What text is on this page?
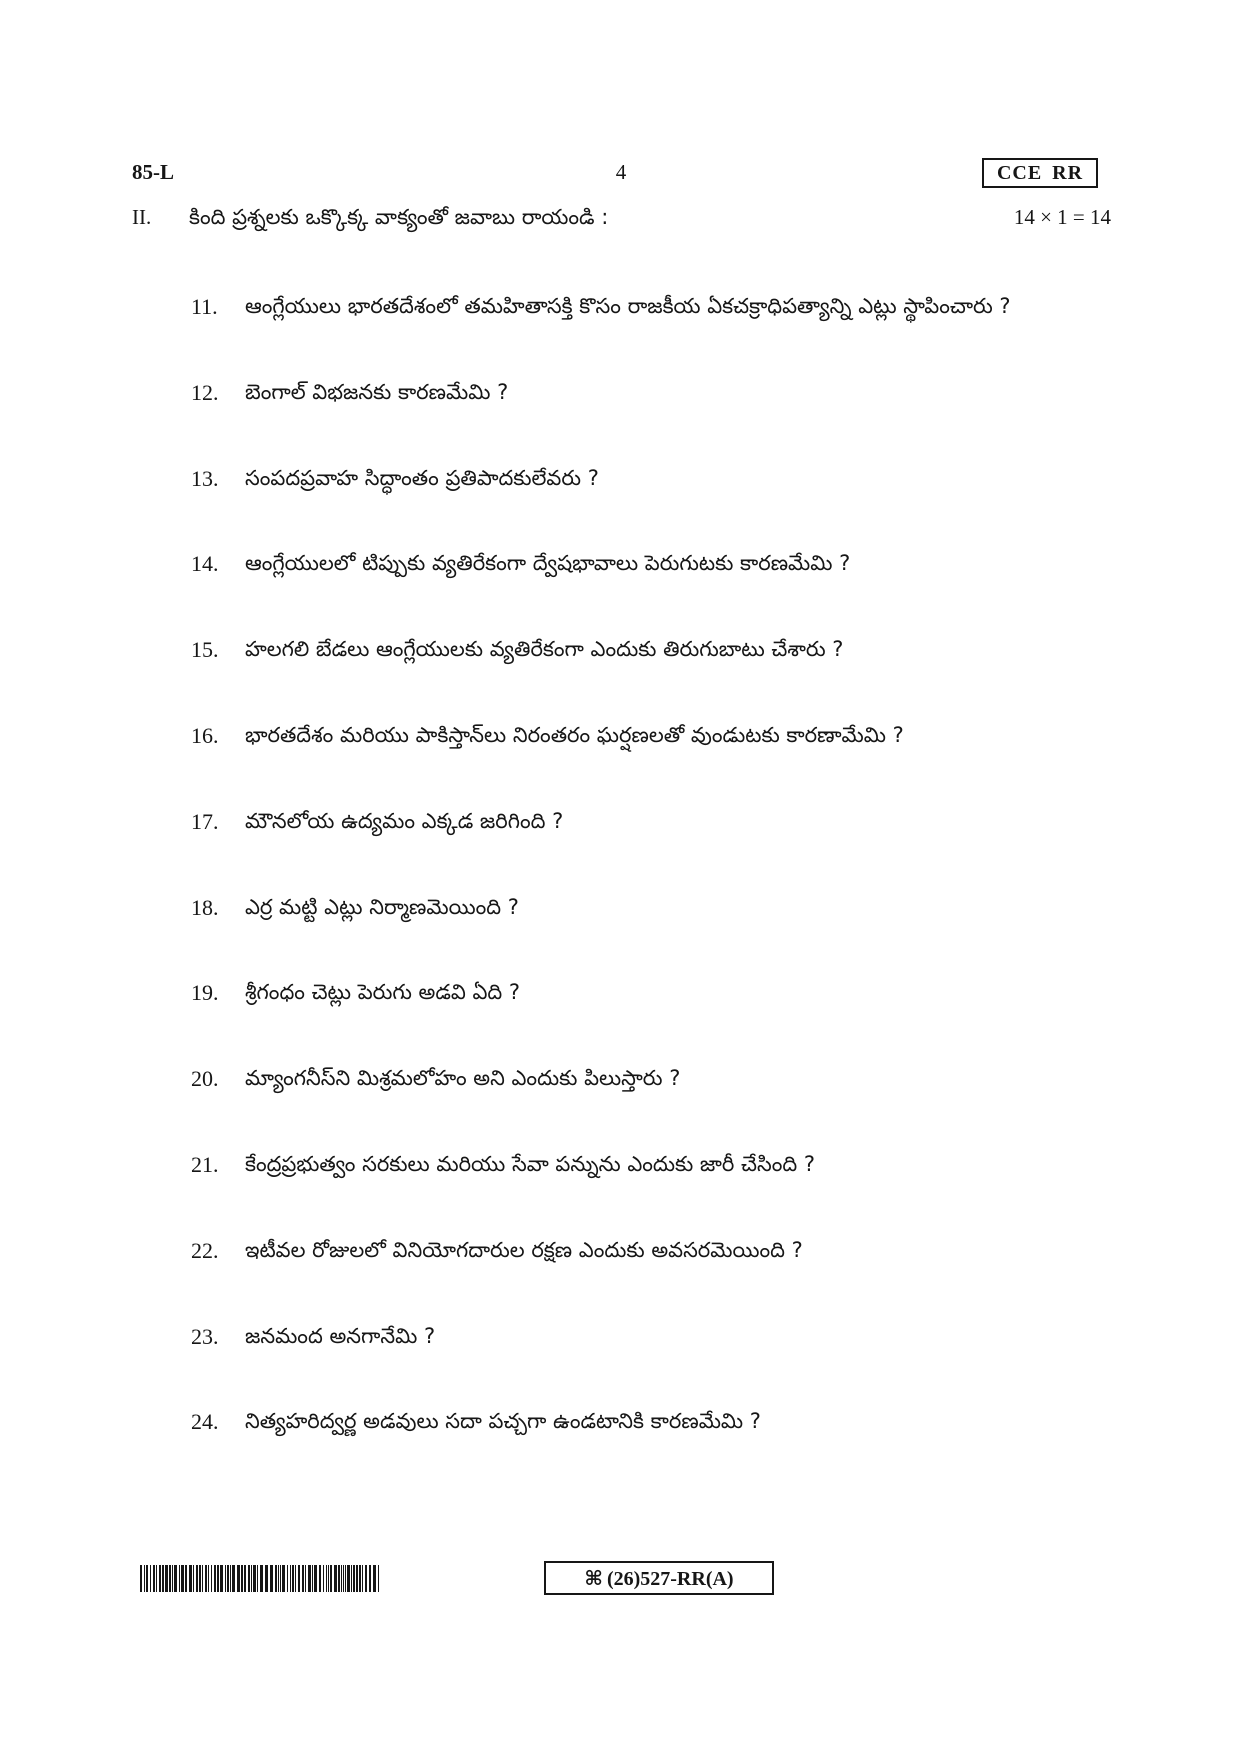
85-L	4	CCE RR
II. కింది ప్రశ్నలకు ఒక్కొక్క వాక్యంతో జవాబు రాయండి :	14 × 1 = 14
11.	ఆంగ్లేయులు భారతదేశంలో తమహితాసక్తి కొసం రాజకీయ ఏకచక్రాధిపత్యాన్ని ఎట్లు స్థాపించారు ?
12.	బెంగాల్ విభజనకు కారణమేమి ?
13.	సంపదప్రవాహ సిద్ధాంతం ప్రతిపాదకులేవరు ?
14.	ఆంగ్లేయులలో టిప్పుకు వ్యతిరేకంగా ద్వేషభావాలు పెరుగుటకు కారణమేమి ?
15.	హలగలి బేడలు ఆంగ్లేయులకు వ్యతిరేకంగా ఎందుకు తిరుగుబాటు చేశారు ?
16.	భారతదేశం మరియు పాకిస్తాన్‌లు నిరంతరం ఘర్షణలతో వుండుటకు కారణామేమి ?
17.	మౌనలోయ ఉద్యమం ఎక్కడ జరిగింది ?
18.	ఎర్ర మట్టి ఎట్లు నిర్మాణమెయింది ?
19.	శ్రీగంధం చెట్లు పెరుగు అడవి ఏది ?
20.	మ్యాంగనీస్‌ని మిశ్రమలోహం అని ఎందుకు పిలుస్తారు ?
21.	కేంద్రప్రభుత్వం సరకులు మరియు సేవా పన్నును ఎందుకు జారీ చేసింది ?
22.	ఇటీవల రోజులలో వినియోగదారుల రక్షణ ఎందుకు అవసరమెయింది ?
23.	జనమంద అనగానేమి ?
24.	నిత్యహరిద్వర్ణ అడవులు సదా పచ్చగా ఉండటానికి కారణమేమి ?
⌘ (26)527-RR(A)
